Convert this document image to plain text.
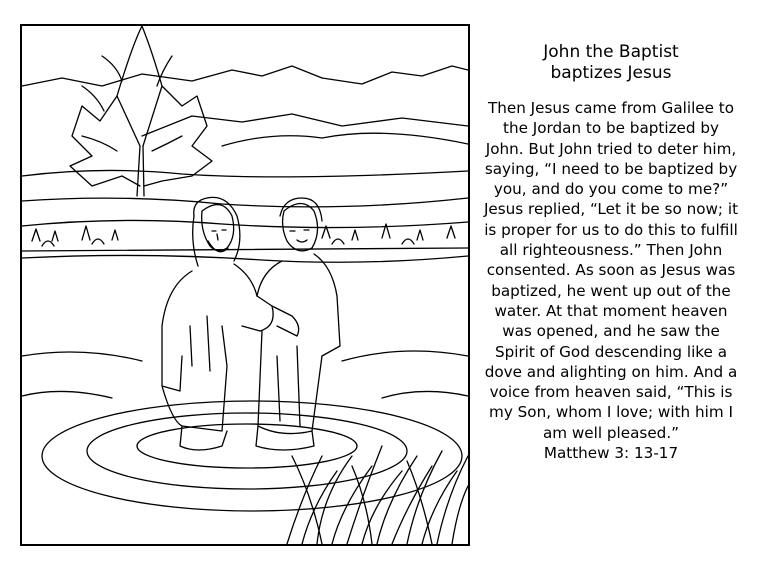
John the Baptist
baptizes Jesus

Then Jesus came from Galilee to the Jordan to be baptized by John. But John tried to deter him, saying, “I need to be baptized by you, and do you come to me?” Jesus replied, “Let it be so now; it is proper for us to do this to fulfill all righteousness.” Then John consented. As soon as Jesus was baptized, he went up out of the water. At that moment heaven was opened, and he saw the Spirit of God descending like a dove and alighting on him. And a voice from heaven said, “This is my Son, whom I love; with him I am well pleased.”

Matthew 3: 13-17
